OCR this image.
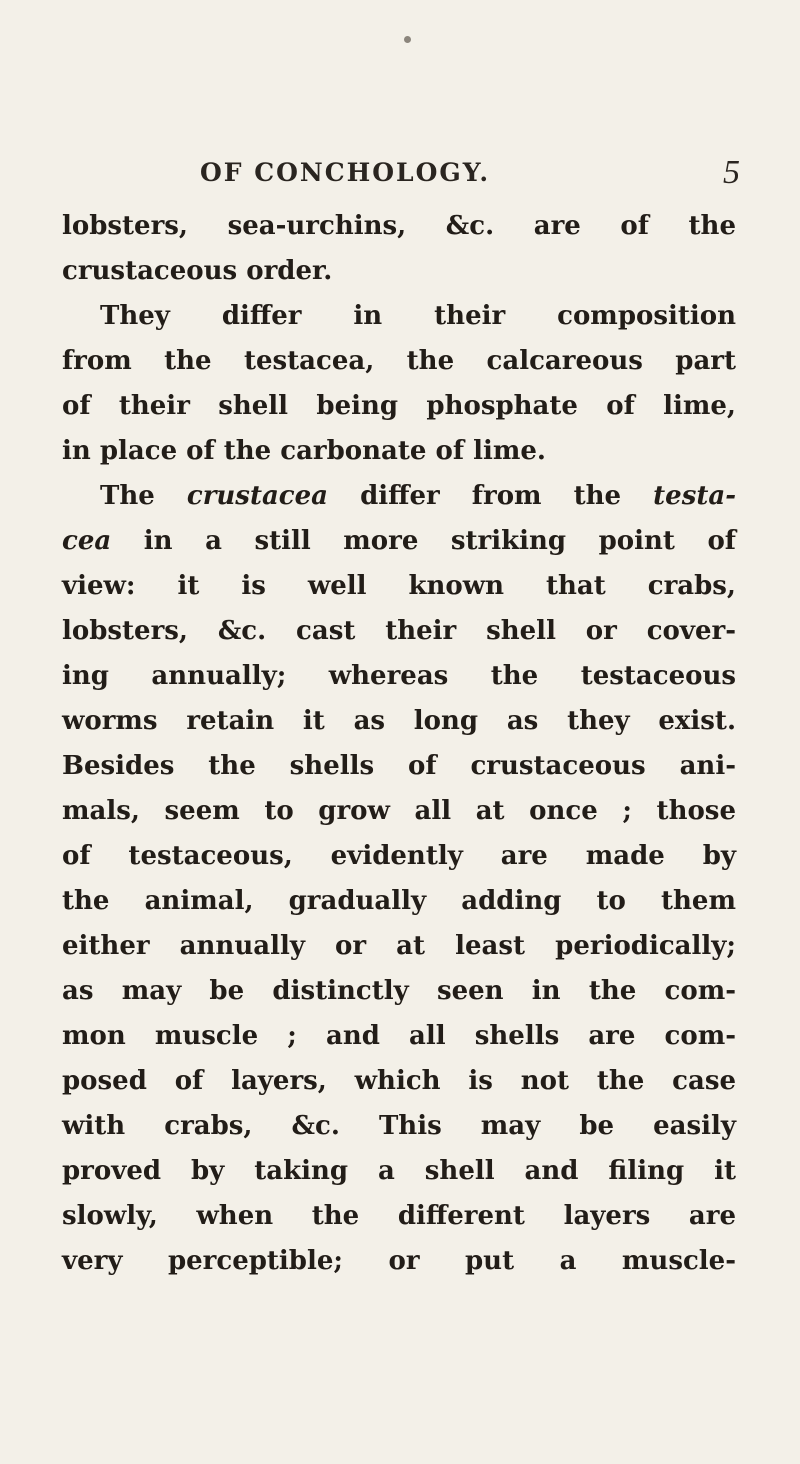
OF CONCHOLOGY.	5
lobsters, sea-urchins, &c. are of the
crustaceous order.
They differ in their composition
from the testacea, the calcareous part
of their shell being phosphate of lime,
in place of the carbonate of lime.
The crustacea differ from the testa-
cea in a still more striking point of
view: it is well known that crabs,
lobsters, &c. cast their shell or cover-
ing annually; whereas the testaceous
worms retain it as long as they exist.
Besides the shells of crustaceous ani-
mals, seem to grow all at once ; those
of testaceous, evidently are made by
the animal, gradually adding to them
either annually or at least periodically;
as may be distinctly seen in the com-
mon muscle ; and all shells are com-
posed of layers, which is not the case
with crabs, &c. This may be easily
proved by taking a shell and filing it
slowly, when the different layers are
very perceptible; or put a muscle-
